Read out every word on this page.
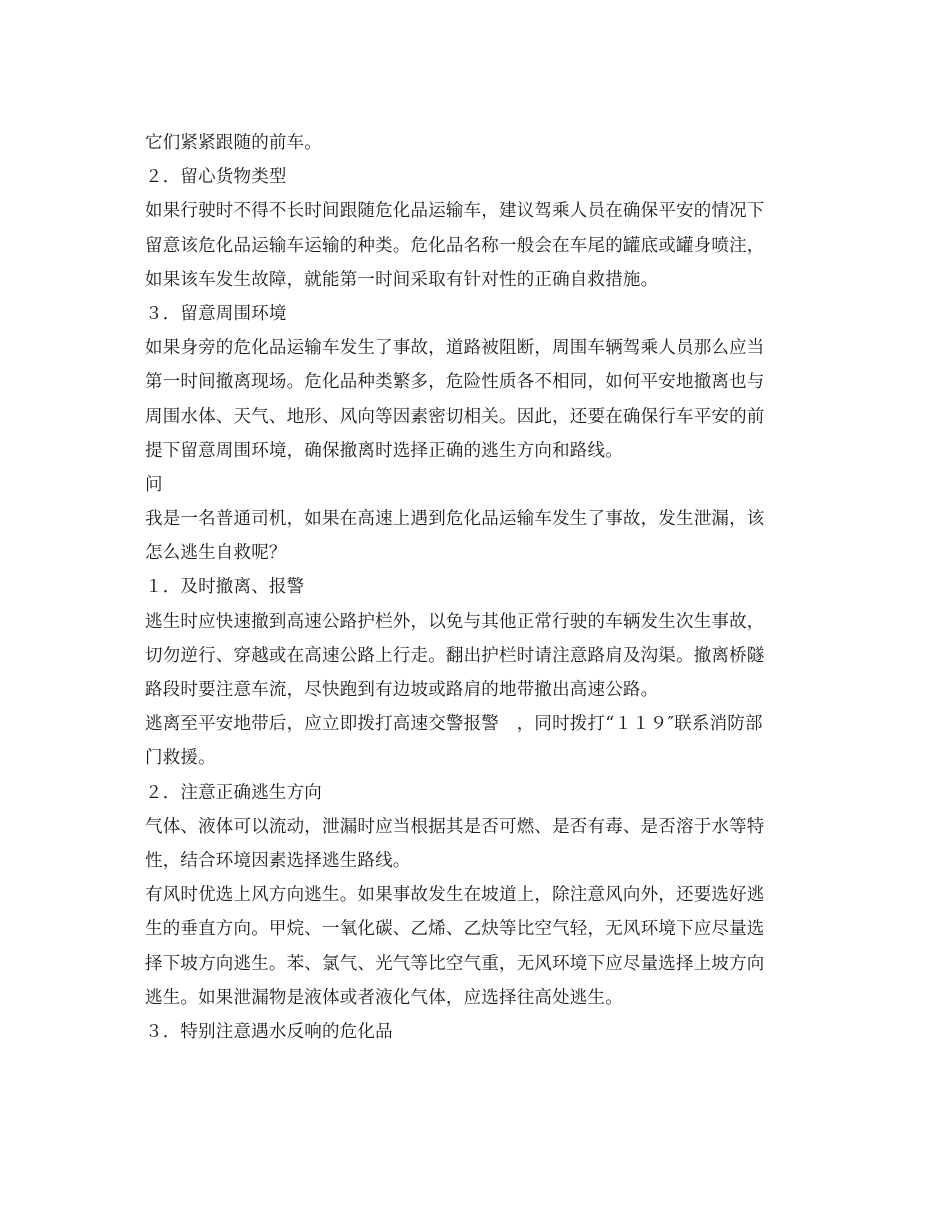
它们紧紧跟随的前车。
２．留心货物类型
如果行驶时不得不长时间跟随危化品运输车，建议驾乘人员在确保平安的情况下
留意该危化品运输车运输的种类。危化品名称一般会在车尾的罐底或罐身喷注，
如果该车发生故障，就能第一时间采取有针对性的正确自救措施。
３．留意周围环境
如果身旁的危化品运输车发生了事故，道路被阻断，周围车辆驾乘人员那么应当
第一时间撤离现场。危化品种类繁多，危险性质各不相同，如何平安地撤离也与
周围水体、天气、地形、风向等因素密切相关。因此，还要在确保行车平安的前
提下留意周围环境，确保撤离时选择正确的逃生方向和路线。
问
我是一名普通司机，如果在高速上遇到危化品运输车发生了事故，发生泄漏，该
怎么逃生自救呢？
１．及时撤离、报警
逃生时应快速撤到高速公路护栏外，以免与其他正常行驶的车辆发生次生事故，
切勿逆行、穿越或在高速公路上行走。翻出护栏时请注意路肩及沟渠。撤离桥隧
路段时要注意车流，尽快跑到有边坡或路肩的地带撤出高速公路。
逃离至平安地带后，应立即拨打高速交警报警　，同时拨打“１１９″联系消防部
门救援。
２．注意正确逃生方向
气体、液体可以流动，泄漏时应当根据其是否可燃、是否有毒、是否溶于水等特
性，结合环境因素选择逃生路线。
有风时优选上风方向逃生。如果事故发生在坡道上，除注意风向外，还要选好逃
生的垂直方向。甲烷、一氧化碳、乙烯、乙炔等比空气轻，无风环境下应尽量选
择下坡方向逃生。苯、氯气、光气等比空气重，无风环境下应尽量选择上坡方向
逃生。如果泄漏物是液体或者液化气体，应选择往高处逃生。
３．特别注意遇水反响的危化品
